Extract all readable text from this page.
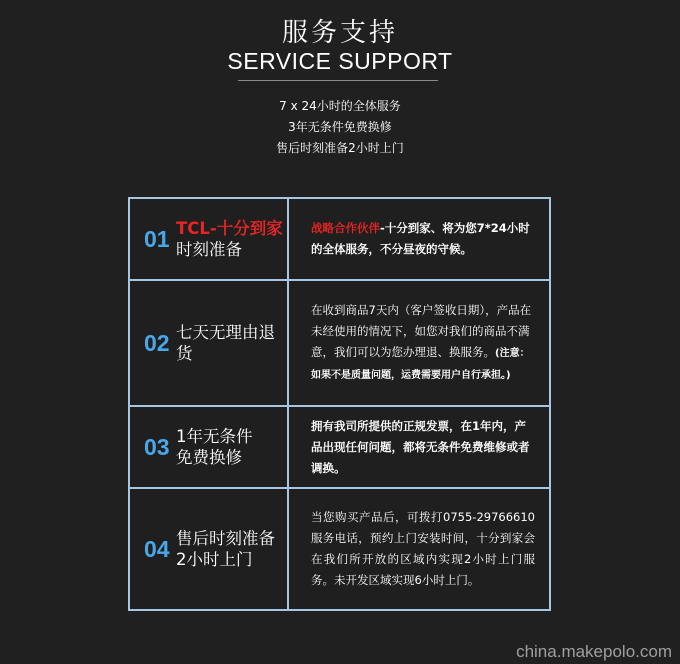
服务支持
SERVICE SUPPORT
7 x 24小时的全体服务
3年无条件免费换修
售后时刻准备2小时上门
01 TCL-十分到家
时刻准备
战略合作伙伴-十分到家、将为您7*24小时的全体服务，不分昼夜的守候。
02 七天无理由退货
在收到商品7天内（客户签收日期），产品在未经使用的情况下，如您对我们的商品不满意，我们可以为您办理退、换服务。(注意：如果不是质量问题，运费需要用户自行承担。)
03 1年无条件免费换修
拥有我司所提供的正规发票，在1年内，产品出现任何问题，都将无条件免费维修或者调换。
04 售后时刻准备2小时上门
当您购买产品后，可拨打0755-29766610服务电话，预约上门安装时间，十分到家会在我们所开放的区域内实现2小时上门服务。未开发区域实现6小时上门。
china.makepolo.com
